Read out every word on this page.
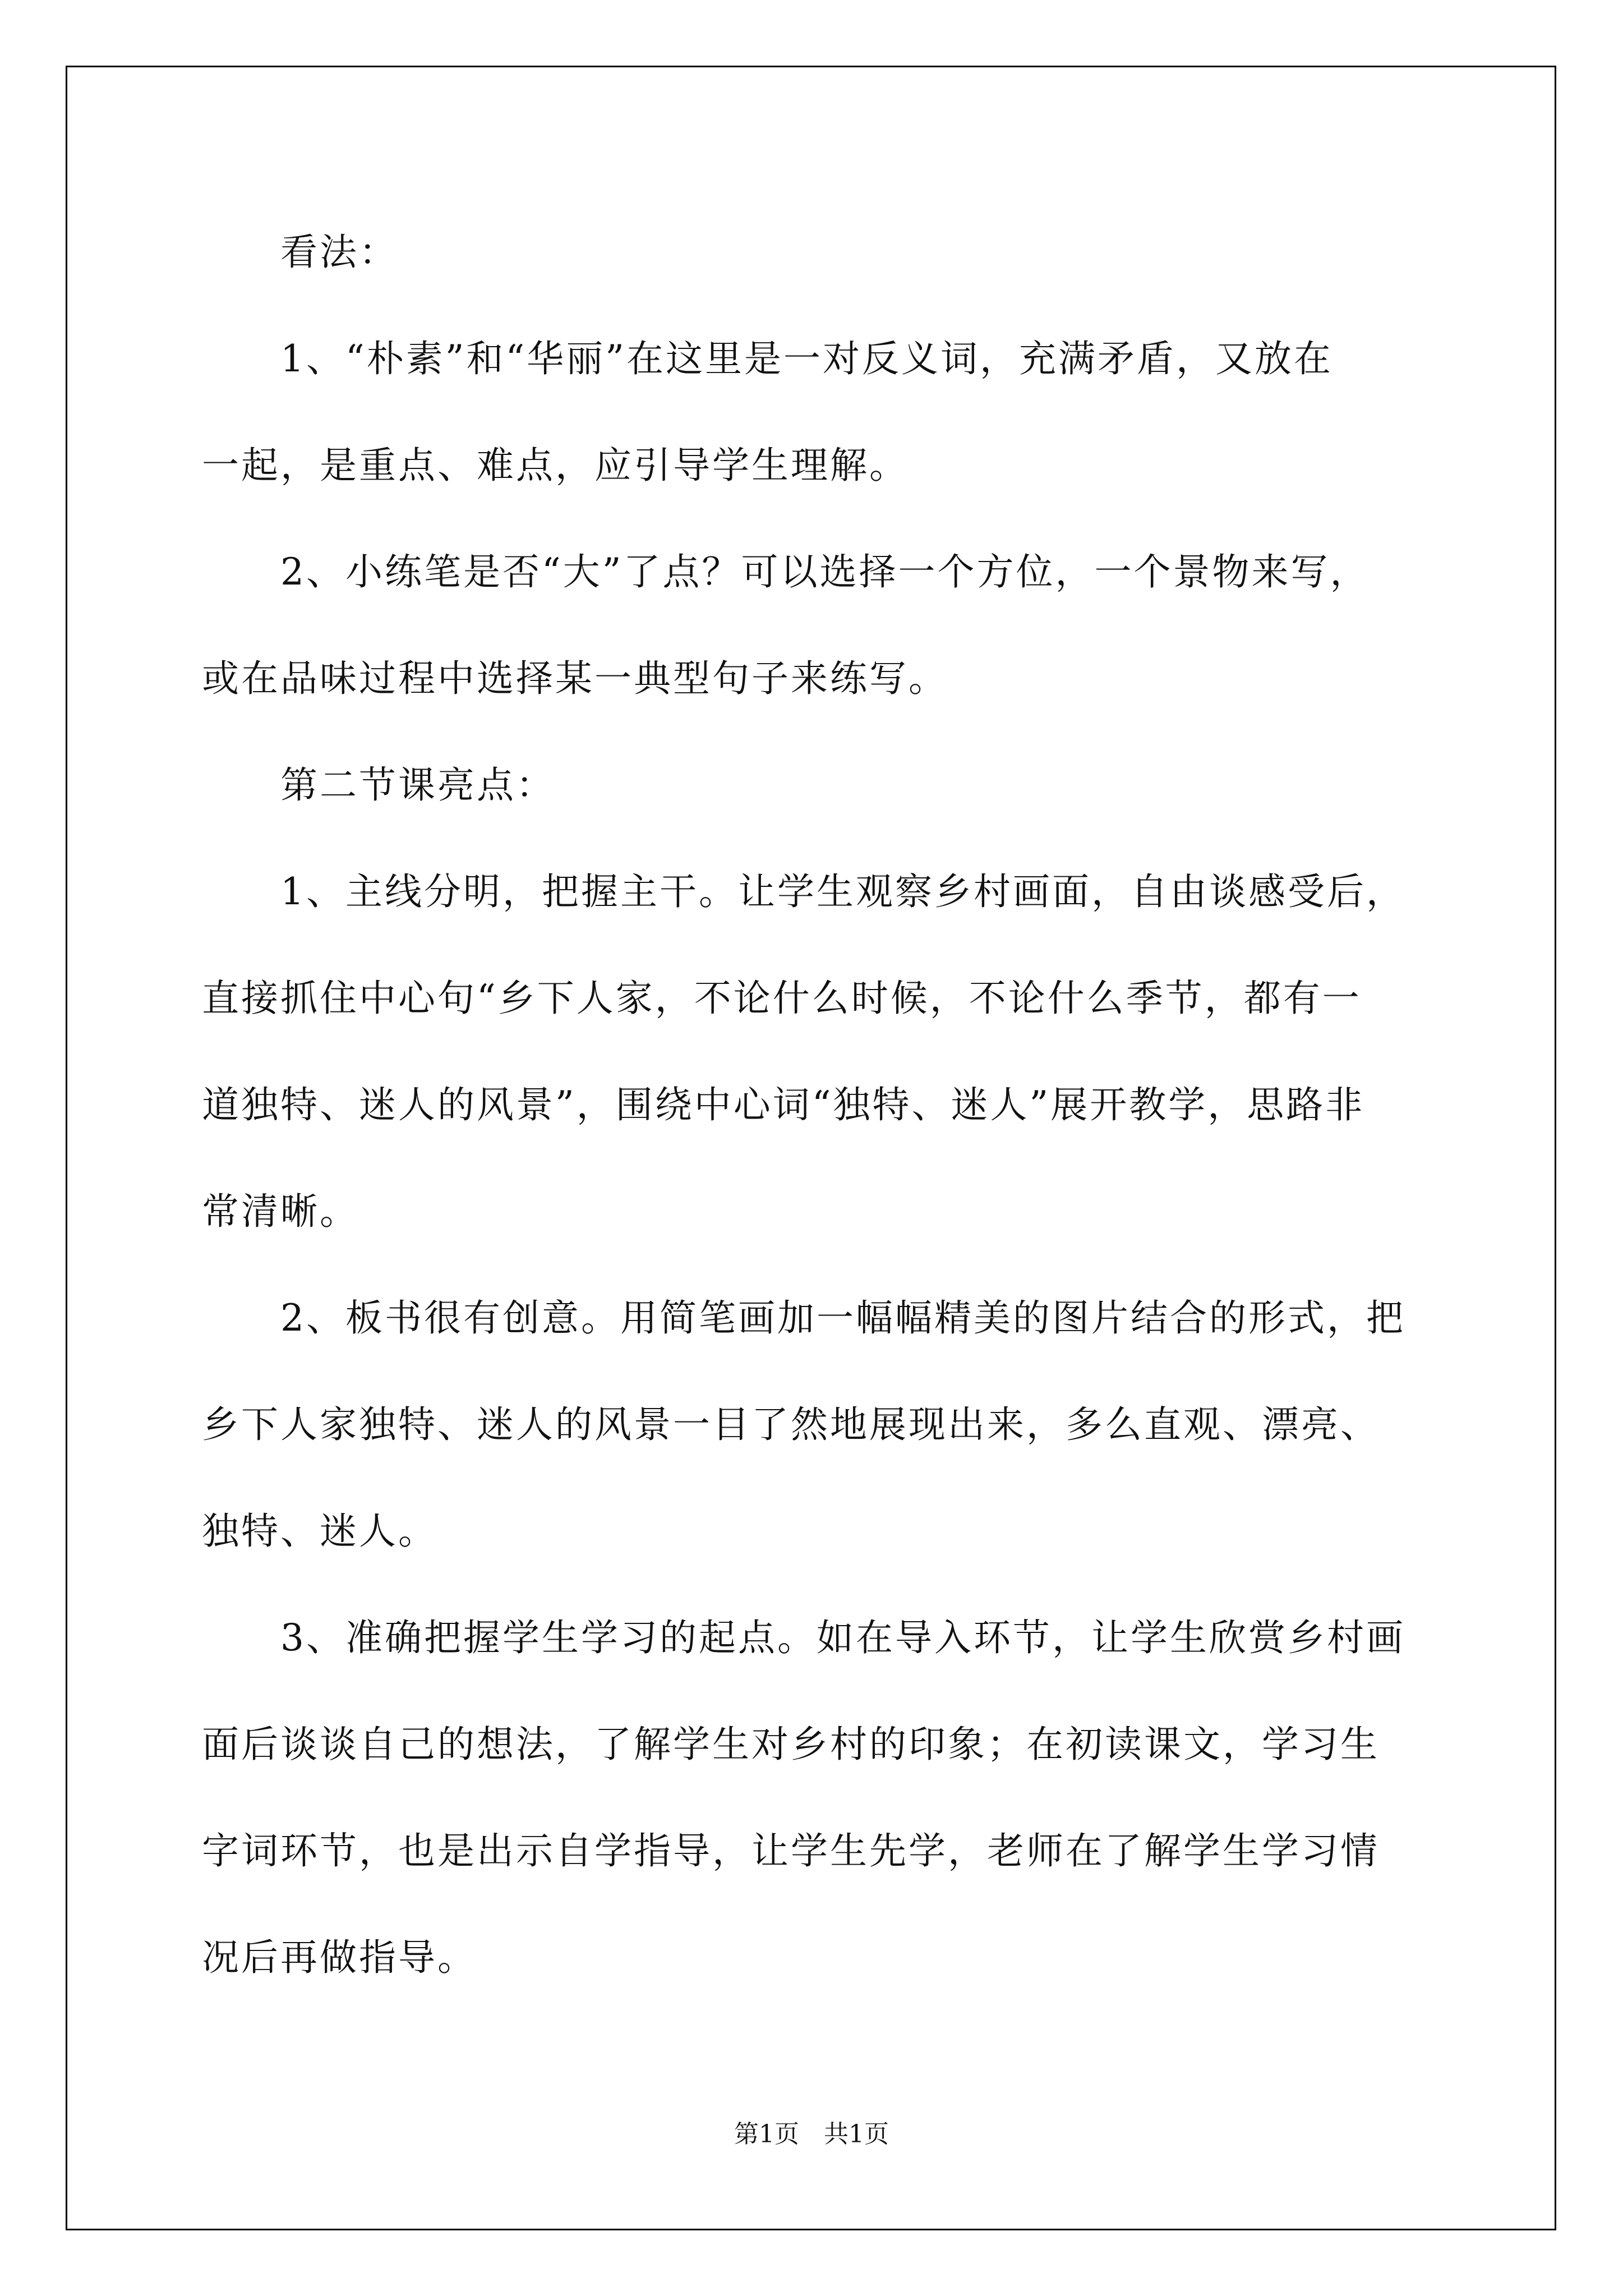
看法：
1、“朴素”和“华丽”在这里是一对反义词，充满矛盾，又放在
一起，是重点、难点，应引导学生理解。
2、小练笔是否“大”了点？可以选择一个方位，一个景物来写，
或在品味过程中选择某一典型句子来练写。
第二节课亮点：
1、主线分明，把握主干。让学生观察乡村画面，自由谈感受后，
直接抓住中心句“乡下人家，不论什么时候，不论什么季节，都有一
道独特、迷人的风景”，围绕中心词“独特、迷人”展开教学，思路非
常清晰。
2、板书很有创意。用简笔画加一幅幅精美的图片结合的形式，把
乡下人家独特、迷人的风景一目了然地展现出来，多么直观、漂亮、
独特、迷人。
3、准确把握学生学习的起点。如在导入环节，让学生欣赏乡村画
面后谈谈自己的想法，了解学生对乡村的印象；在初读课文，学习生
字词环节，也是出示自学指导，让学生先学，老师在了解学生学习情
况后再做指导。
第1页　共1页
